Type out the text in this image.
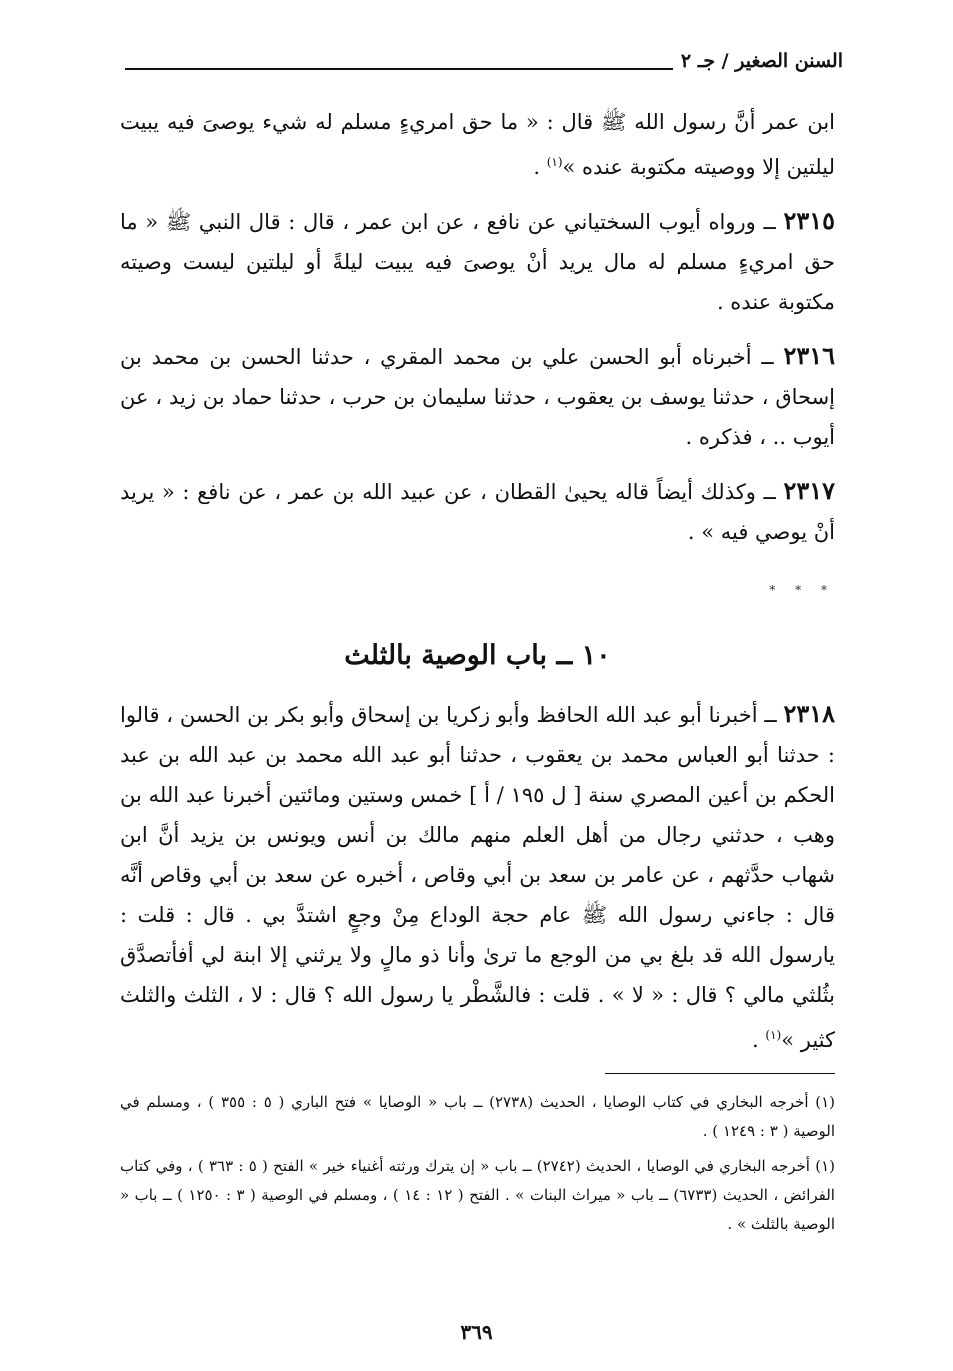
السنن الصغير / جـ ٢

ابن عمر أنَّ رسول الله ﷺ قال : « ما حق امريءٍ مسلم له شيء يوصىَ فيه يبيت ليلتين إلا ووصيته مكتوبة عنده »$^{(١)}$ .

٢٣١٥ ــ ورواه أيوب السختياني عن نافع ، عن ابن عمر ، قال : قال النبي ﷺ « ما حق امريءٍ مسلم له مال يريد أنْ يوصىَ فيه يبيت ليلةً أو ليلتين ليست وصيته مكتوبة عنده .

٢٣١٦ ــ أخبرناه أبو الحسن علي بن محمد المقري ، حدثنا الحسن بن محمد بن إسحاق ، حدثنا يوسف بن يعقوب ، حدثنا سليمان بن حرب ، حدثنا حماد بن زيد ، عن أيوب .. ، فذكره .

٢٣١٧ ــ وكذلك أيضاً قاله يحيىٰ القطان ، عن عبيد الله بن عمر ، عن نافع : « يريد أنْ يوصي فيه » .

* * *
١٠ ــ باب الوصية بالثلث

٢٣١٨ ــ أخبرنا أبو عبد الله الحافظ وأبو زكريا بن إسحاق وأبو بكر بن الحسن ، قالوا : حدثنا أبو العباس محمد بن يعقوب ، حدثنا أبو عبد الله محمد بن عبد الله بن عبد الحكم بن أعين المصري سنة [ ل ١٩٥ / أ ] خمس وستين ومائتين أخبرنا عبد الله بن وهب ، حدثني رجال من أهل العلم منهم مالك بن أنس ويونس بن يزيد أنَّ ابن شهاب حدَّثهم ، عن عامر بن سعد بن أبي وقاص ، أخبره عن سعد بن أبي وقاص أنَّه قال : جاءني رسول الله ﷺ عام حجة الوداع مِنْ وجعٍ اشتدَّ بي . قال : قلت : يارسول الله قد بلغ بي من الوجع ما ترىٰ وأنا ذو مالٍ ولا يرثني إلا ابنة لي أفأتصدَّق بثُلثي مالي ؟ قال : « لا » . قلت : فالشَّطْر يا رسول الله ؟ قال : لا ، الثلث والثلث كثير »$^{(١)}$ .

(١) أخرجه البخاري في كتاب الوصايا ، الحديث (٢٧٣٨) ــ باب « الوصايا » فتح الباري ( ٥ : ٣٥٥ ) ، ومسلم في الوصية ( ٣ : ١٢٤٩ ) .

(١) أخرجه البخاري في الوصايا ، الحديث (٢٧٤٢) ــ باب « إن يترك ورثته أغنياء خير » الفتح ( ٥ : ٣٦٣ ) ، وفي كتاب الفرائض ، الحديث (٦٧٣٣) ــ باب « ميراث البنات » . الفتح ( ١٢ : ١٤ ) ، ومسلم في الوصية ( ٣ : ١٢٥٠ ) ــ باب « الوصية بالثلث » .

٣٦٩
